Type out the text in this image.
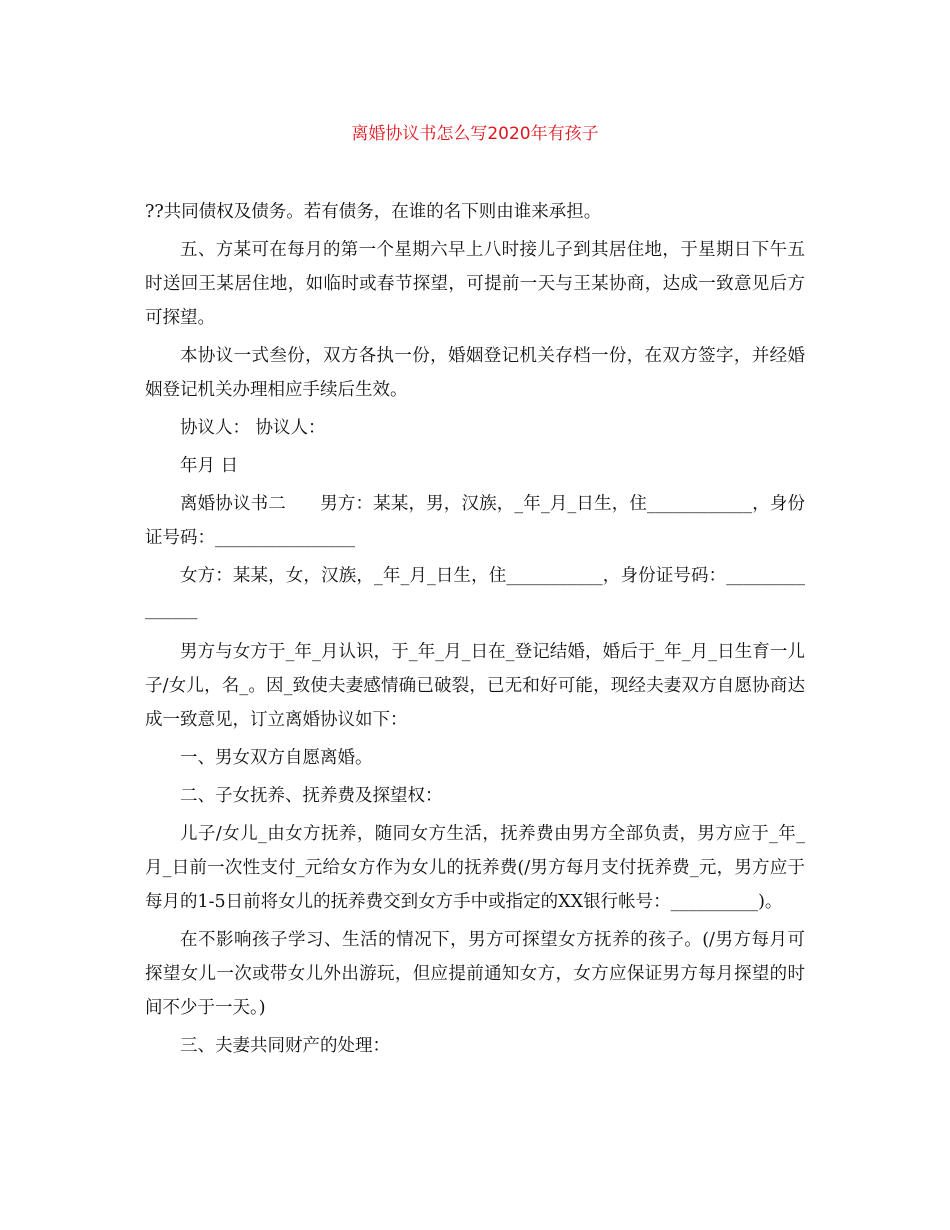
离婚协议书怎么写2020年有孩子

??共同债权及债务。若有债务，在谁的名下则由谁来承担。

五、方某可在每月的第一个星期六早上八时接儿子到其居住地，于星期日下午五时送回王某居住地，如临时或春节探望，可提前一天与王某协商，达成一致意见后方可探望。

本协议一式叁份，双方各执一份，婚姻登记机关存档一份，在双方签字，并经婚姻登记机关办理相应手续后生效。

协议人： 协议人：

年月 日

离婚协议书二      男方：某某，男，汉族，_年_月_日生，住____________，身份证号码：________________

女方：某某，女，汉族，_年_月_日生，住___________，身份证号码：_______________

男方与女方于_年_月认识，于_年_月_日在_登记结婚，婚后于_年_月_日生育一儿子/女儿，名_。因_致使夫妻感情确已破裂，已无和好可能，现经夫妻双方自愿协商达成一致意见，订立离婚协议如下：

一、男女双方自愿离婚。

二、子女抚养、抚养费及探望权：

儿子/女儿_由女方抚养，随同女方生活，抚养费由男方全部负责，男方应于_年_月_日前一次性支付_元给女方作为女儿的抚养费(/男方每月支付抚养费_元，男方应于每月的1-5日前将女儿的抚养费交到女方手中或指定的XX银行帐号：__________)。

在不影响孩子学习、生活的情况下，男方可探望女方抚养的孩子。(/男方每月可探望女儿一次或带女儿外出游玩，但应提前通知女方，女方应保证男方每月探望的时间不少于一天。)

三、夫妻共同财产的处理：
